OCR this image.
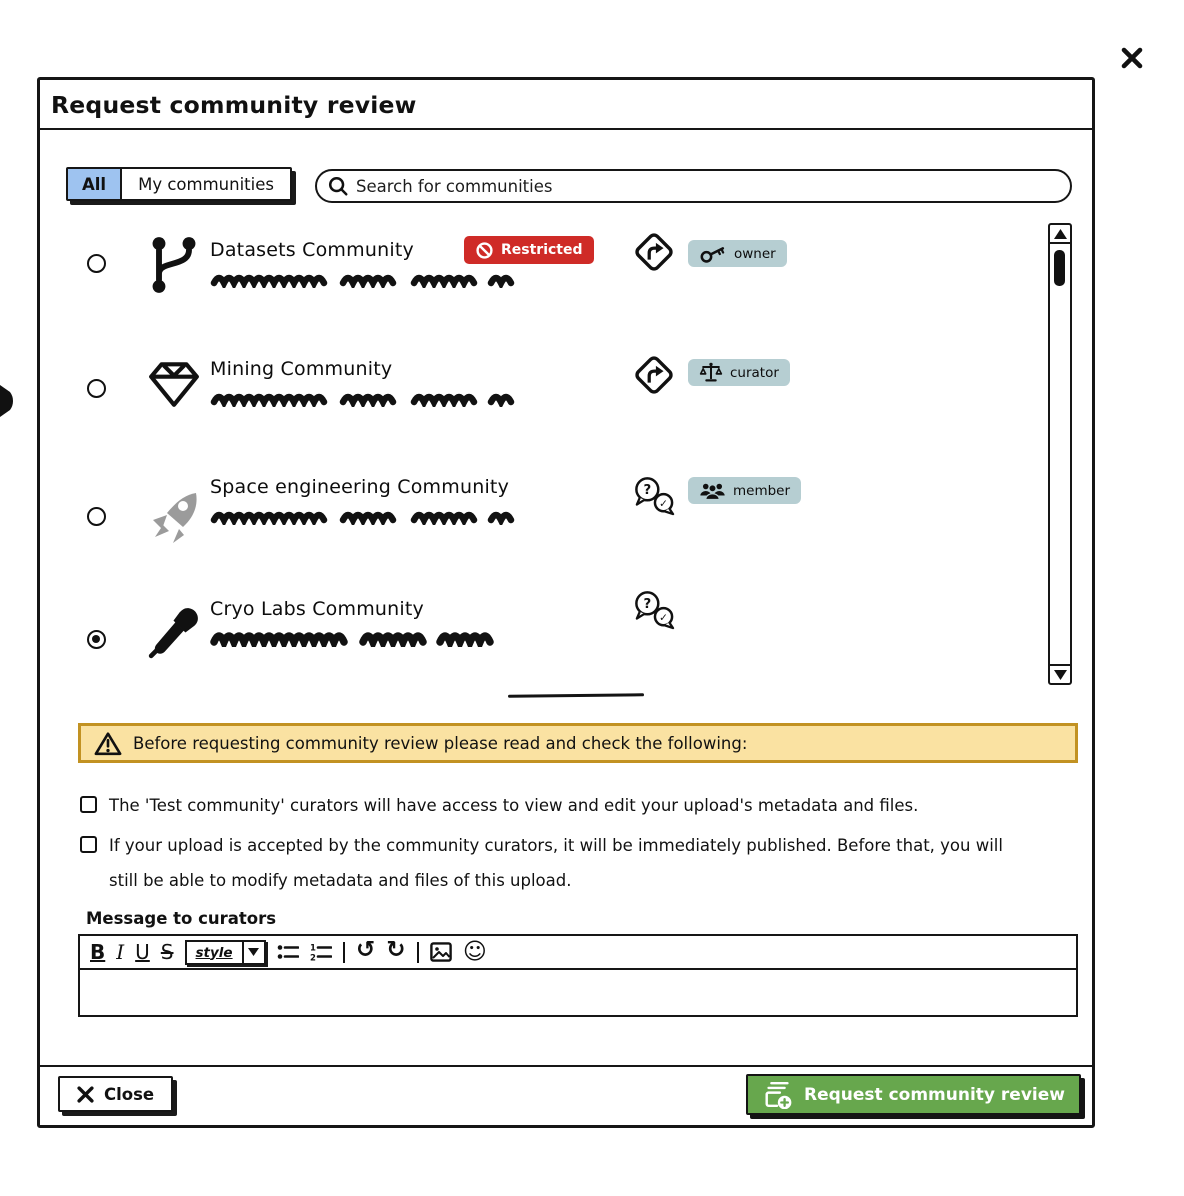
Request community review
All	My communities
Search for communities
Datasets Community	Restricted	owner
Mining Community	curator
Space engineering Community	?
✓
member
Cryo Labs Community	?
✓
Before requesting community review please read and check the following:
The 'Test community' curators will have access to view and edit your upload's metadata and files.
If your upload is accepted by the community curators, it will be immediately published. Before that, you will still be able to modify metadata and files of this upload.
Message to curators
B I U S	style	1
2 ↺ ↻ ☺
Close	Request community review
